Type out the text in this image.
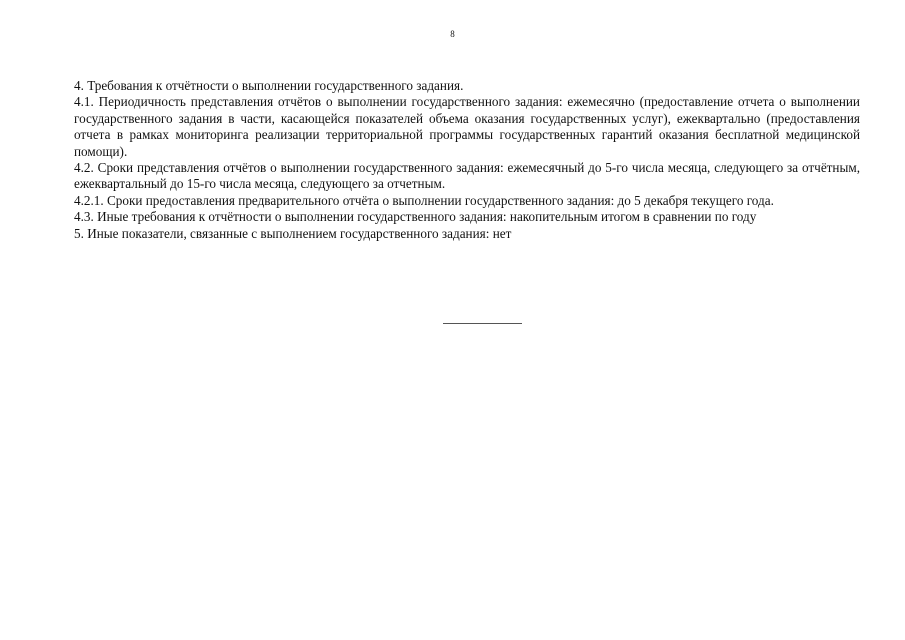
8

4. Требования к отчётности о выполнении государственного задания.

4.1. Периодичность представления отчётов о выполнении государственного задания: ежемесячно (предоставление отчета о выполнении государственного задания в части, касающейся показателей объема оказания государственных услуг), ежеквартально (предоставления отчета в рамках мониторинга реализации территориальной программы государственных гарантий оказания бесплатной медицинской помощи).

4.2. Сроки представления отчётов о выполнении государственного задания: ежемесячный до 5-го числа месяца, следующего за отчётным, ежеквартальный до 15-го числа месяца, следующего за отчетным.

4.2.1. Сроки предоставления предварительного отчёта о выполнении государственного задания: до 5 декабря текущего года.

4.3. Иные требования к отчётности о выполнении государственного задания: накопительным итогом в сравнении по году

5. Иные показатели, связанные с выполнением государственного задания: нет
